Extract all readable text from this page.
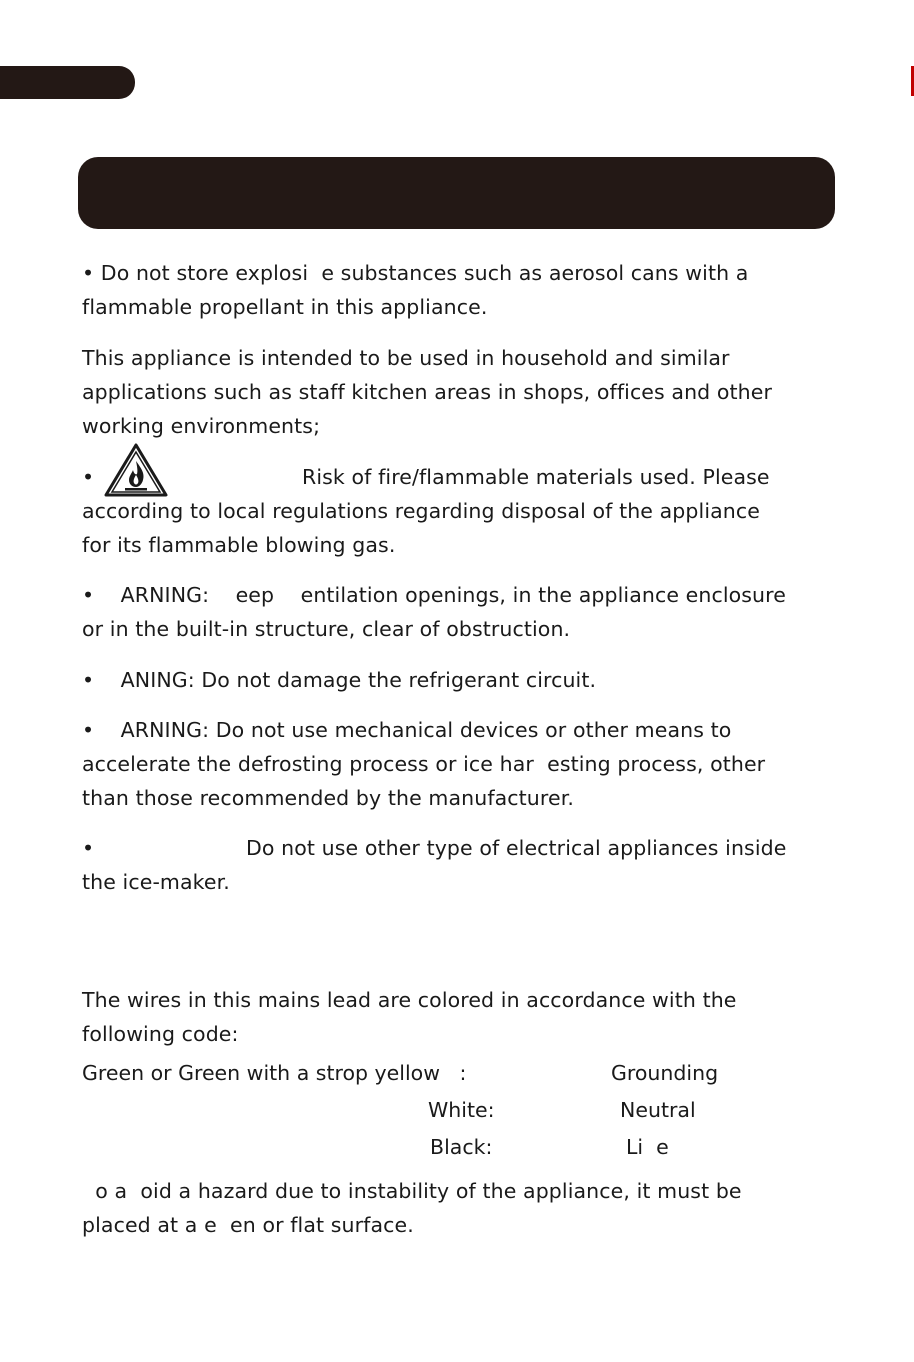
• Do not store explosi  e substances such as aerosol cans with a

flammable propellant in this appliance.

This appliance is intended to be used in household and similar

applications such as staff kitchen areas in shops, offices and other

working environments;

•	Risk of fire/flammable materials used. Please

according to local regulations regarding disposal of the appliance

for its flammable blowing gas.

•    ARNING:    eep    entilation openings, in the appliance enclosure

or in the built-in structure, clear of obstruction.

•    ANING: Do not damage the refrigerant circuit.

•    ARNING: Do not use mechanical devices or other means to

accelerate the defrosting process or ice har  esting process, other

than those recommended by the manufacturer.

•	Do not use other type of electrical appliances inside

the ice-maker.

The wires in this mains lead are colored in accordance with the

following code:

Green or Green with a strop yellow   :	Grounding
White:	Neutral
Black:	Li  e

o a  oid a hazard due to instability of the appliance, it must be

placed at a e  en or flat surface.
